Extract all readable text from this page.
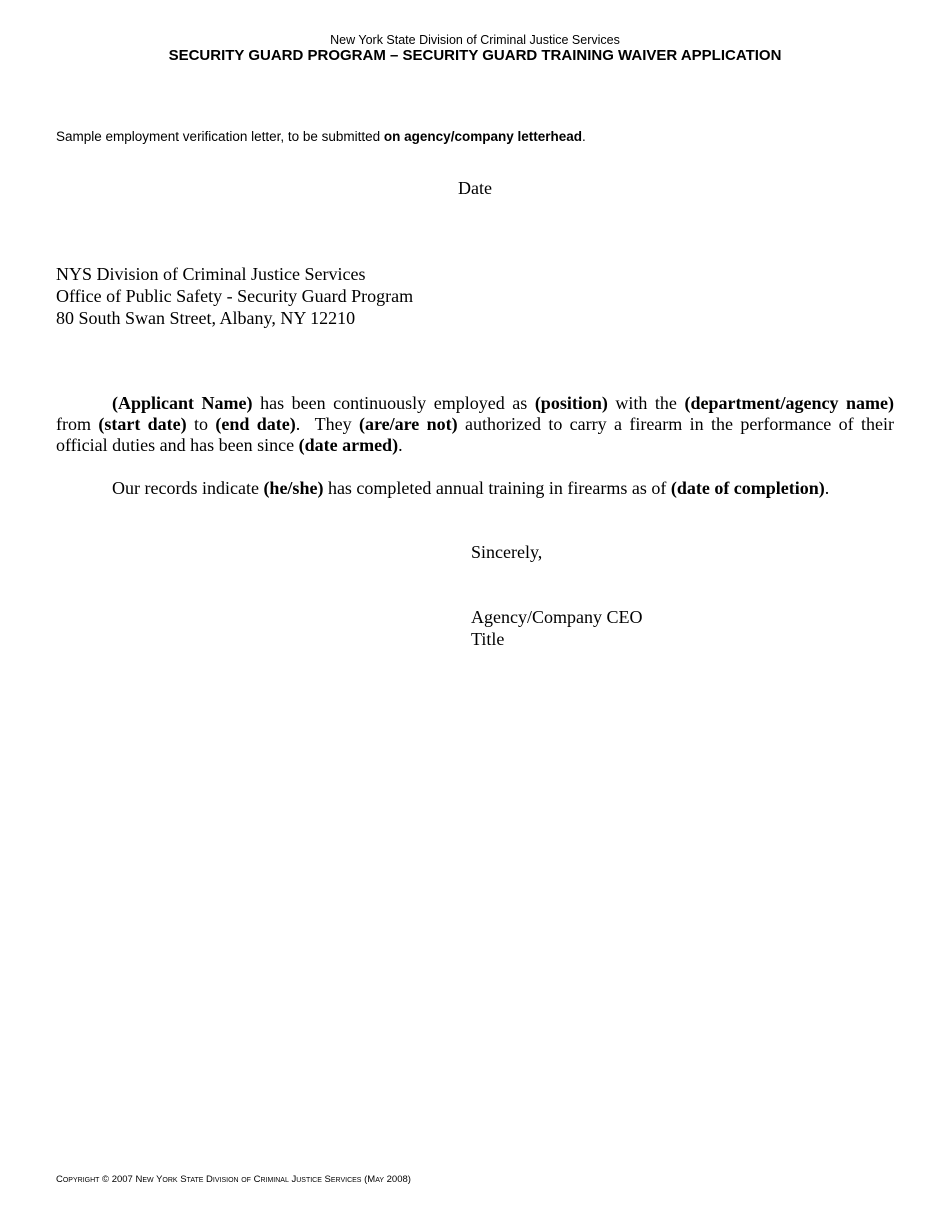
New York State Division of Criminal Justice Services
SECURITY GUARD PROGRAM – SECURITY GUARD TRAINING WAIVER APPLICATION
Sample employment verification letter, to be submitted on agency/company letterhead.
Date
NYS Division of Criminal Justice Services
Office of Public Safety - Security Guard Program
80 South Swan Street, Albany, NY 12210
(Applicant Name) has been continuously employed as (position) with the (department/agency name) from (start date) to (end date).  They (are/are not) authorized to carry a firearm in the performance of their official duties and has been since (date armed).
Our records indicate (he/she) has completed annual training in firearms as of (date of completion).
Sincerely,
Agency/Company CEO
Title
Copyright © 2007 New York State Division of Criminal Justice Services (May 2008)
